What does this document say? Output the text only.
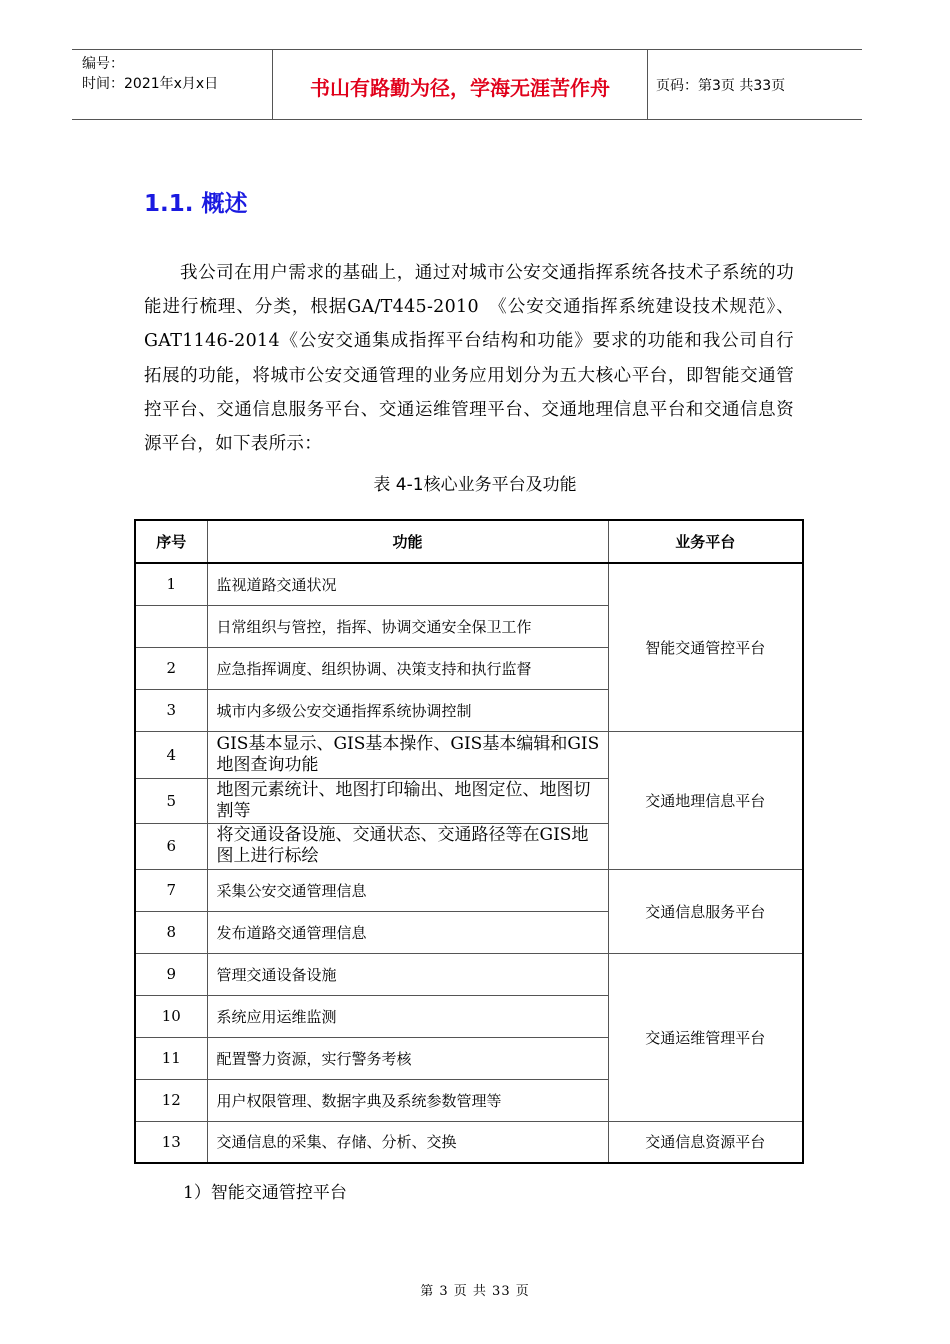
编号：
时间：2021年x月x日	书山有路勤为径，学海无涯苦作舟	页码：第3页 共33页
1.1. 概述
我公司在用户需求的基础上，通过对城市公安交通指挥系统各技术子系统的功能进行梳理、分类，根据GA/T445-2010　《公安交通指挥系统建设技术规范》、GAT1146-2014《公安交通集成指挥平台结构和功能》要求的功能和我公司自行拓展的功能，将城市公安交通管理的业务应用划分为五大核心平台，即智能交通管控平台、交通信息服务平台、交通运维管理平台、交通地理信息平台和交通信息资源平台，如下表所示：
表 4-1核心业务平台及功能
序号	功能	业务平台
1	监视道路交通状况	智能交通管控平台
	日常组织与管控，指挥、协调交通安全保卫工作	
2	应急指挥调度、组织协调、决策支持和执行监督	
3	城市内多级公安交通指挥系统协调控制	
4	GIS基本显示、GIS基本操作、GIS基本编辑和GIS地图查询功能	交通地理信息平台
5	地图元素统计、地图打印输出、地图定位、地图切割等	
6	将交通设备设施、交通状态、交通路径等在GIS地图上进行标绘	
7	采集公安交通管理信息	交通信息服务平台
8	发布道路交通管理信息	
9	管理交通设备设施	交通运维管理平台
10	系统应用运维监测	
11	配置警力资源，实行警务考核	
12	用户权限管理、数据字典及系统参数管理等	
13	交通信息的采集、存储、分析、交换	交通信息资源平台
1）智能交通管控平台
第 3 页 共 33 页
